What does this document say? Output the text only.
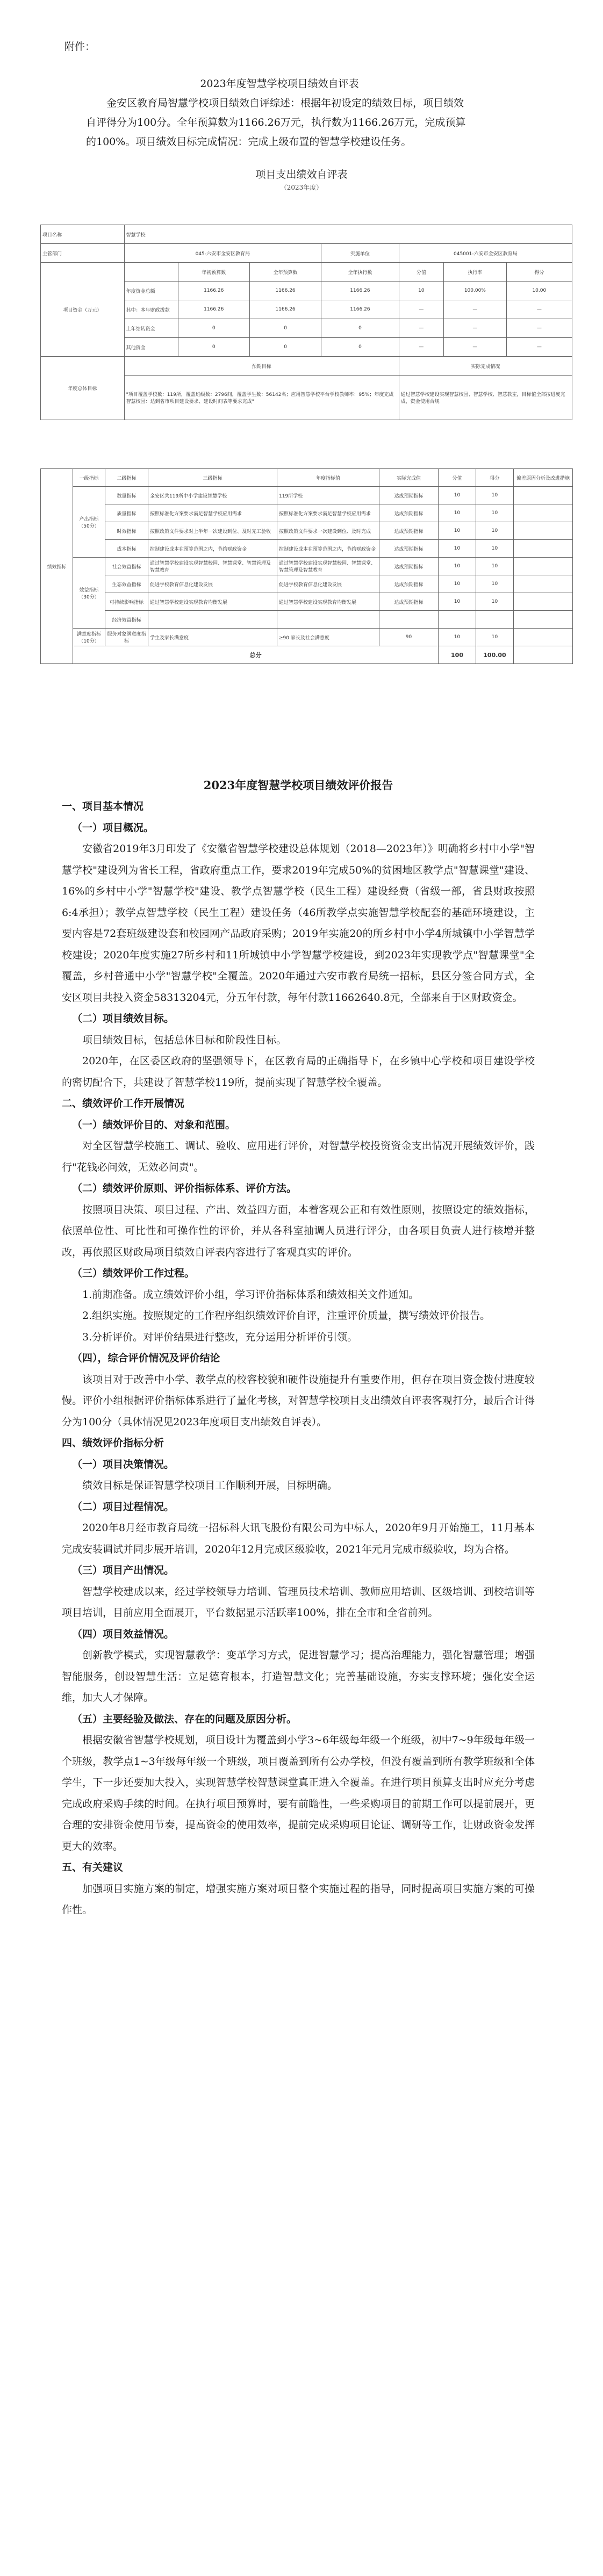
附件：
2023年度智慧学校项目绩效自评表

金安区教育局智慧学校项目绩效自评综述：根据年初设定的绩效目标，项目绩效自评得分为100分。全年预算数为1166.26万元，执行数为1166.26万元，完成预算的100%。项目绩效目标完成情况：完成上级布置的智慧学校建设任务。

项目支出绩效自评表
（2023年度）
项目名称	智慧学校						
主管部门	045-六安市金安区教育局			实施单位	045001-六安市金安区教育局		
项目资金（万元）		年初预算数	全年预算数	全年执行数	分值	执行率	得分
	年度资金总额	1166.26	1166.26	1166.26	10	100.00%	10.00
	其中：本年财政拨款	1166.26	1166.26	1166.26	—	—	—
	上年结转资金	0	0	0	—	—	—
	其他资金	0	0	0	—	—	—
年度总体目标	预期目标				实际完成情况		
	"项目覆盖学校数：119所，覆盖班级数：2796间，覆盖学生数：56142名；应用智慧学校平台学校教师率：95%；年度完成智慧校园：达到省市项目建设要求、建设时间表等要求完成"				通过智慧学校建设实现智慧校园、智慧学校、智慧教室，目标值全部按进度完成，资金使用合规		
绩效指标	一级指标	二级指标	三级指标	年度指标值	实际完成值	分值	得分	偏差原因分析及改进措施
	产出指标（50分）	数量指标	金安区共119所中小学建设智慧学校	119所学校	达成预期指标	10	10	
		质量指标	按照标准化方案要求满足智慧学校应用需求	按照标准化方案要求满足智慧学校应用需求	达成预期指标	10	10	
		时效指标	按照政策文件要求对上半年一次建设到位、及时完工验收	按照政策文件要求一次建设到位、及时完成	达成预期指标	10	10	
		成本指标	控制建设成本在预算范围之内，节约财政资金	控制建设成本在预算范围之内，节约财政资金	达成预期指标	10	10	
	效益指标（30分）	社会效益指标	通过智慧学校建设实现智慧校园、智慧课堂、智慧管理及智慧教育	通过智慧学校建设实现智慧校园、智慧课堂、智慧管理及智慧教育	达成预期指标	10	10	
		生态效益指标	促进学校教育信息化建设发展	促进学校教育信息化建设发展	达成预期指标	10	10	
		可持续影响指标	通过智慧学校建设实现教育均衡发展	通过智慧学校建设实现教育均衡发展	达成预期指标	10	10	
		经济效益指标						
	满意度指标（10分）	服务对象满意度指标	学生及家长满意度	≥90 家长及社会满意度	90	10	10	
	总分					100	100.00	
2023年度智慧学校项目绩效评价报告
一、项目基本情况
（一）项目概况。

安徽省2019年3月印发了《安徽省智慧学校建设总体规划（2018—2023年）》明确将乡村中小学"智慧学校"建设列为省长工程，省政府重点工作，要求2019年完成50%的贫困地区教学点"智慧课堂"建设、16%的乡村中小学"智慧学校"建设、教学点智慧学校（民生工程）建设经费（省级一部，省县财政按照6:4承担）；教学点智慧学校（民生工程）建设任务（46所教学点实施智慧学校配套的基础环境建设，主要内容是72套班级建设套和校园网产品政府采购；2019年实施20的所乡村中小学4所城镇中小学智慧学校建设；2020年度实施27所乡村和11所城镇中小学智慧学校建设，到2023年实现教学点"智慧课堂"全覆盖，乡村普通中小学"智慧学校"全覆盖。2020年通过六安市教育局统一招标，县区分签合同方式，全安区项目共投入资金58313204元，分五年付款，每年付款11662640.8元，全部来自于区财政资金。

（二）项目绩效目标。

项目绩效目标，包括总体目标和阶段性目标。

2020年，在区委区政府的坚强领导下，在区教育局的正确指导下，在乡镇中心学校和项目建设学校的密切配合下，共建设了智慧学校119所，提前实现了智慧学校全覆盖。

二、绩效评价工作开展情况
（一）绩效评价目的、对象和范围。

对全区智慧学校施工、调试、验收、应用进行评价，对智慧学校投资资金支出情况开展绩效评价，践行"花钱必问效，无效必问责"。

（二）绩效评价原则、评价指标体系、评价方法。

按照项目决策、项目过程、产出、效益四方面，本着客观公正和有效性原则，按照设定的绩效指标，依照单位性、可比性和可操作性的评价，并从各科室抽调人员进行评分，由各项目负责人进行核增并整改，再依照区财政局项目绩效自评表内容进行了客观真实的评价。

（三）绩效评价工作过程。

1.前期准备。成立绩效评价小组，学习评价指标体系和绩效相关文件通知。

2.组织实施。按照规定的工作程序组织绩效评价自评，注重评价质量，撰写绩效评价报告。

3.分析评价。对评价结果进行整改，充分运用分析评价引领。

（四），综合评价情况及评价结论

该项目对于改善中小学、教学点的校容校貌和硬件设施提升有重要作用，但存在项目资金拨付进度较慢。评价小组根据评价指标体系进行了量化考核，对智慧学校项目支出绩效自评表客观打分，最后合计得分为100分（具体情况见2023年度项目支出绩效自评表）。

四、绩效评价指标分析
（一）项目决策情况。

绩效目标是保证智慧学校项目工作顺利开展，目标明确。

（二）项目过程情况。

2020年8月经市教育局统一招标科大讯飞股份有限公司为中标人，2020年9月开始施工，11月基本完成安装调试并同步展开培训，2020年12月完成区级验收，2021年元月完成市级验收，均为合格。

（三）项目产出情况。

智慧学校建成以来，经过学校领导力培训、管理员技术培训、教师应用培训、区级培训、到校培训等项目培训，目前应用全面展开，平台数据显示活跃率100%，排在全市和全省前列。

（四）项目效益情况。

创新教学模式，实现智慧教学：变革学习方式，促进智慧学习；提高治理能力，强化智慧管理；增强智能服务，创设智慧生活：立足德育根本，打造智慧文化；完善基础设施，夯实支撑环境；强化安全运维，加大人才保障。

（五）主要经验及做法、存在的问题及原因分析。

根据安徽省智慧学校规划，项目设计为覆盖到小学3~6年级每年级一个班级，初中7~9年级每年级一个班级，教学点1~3年级每年级一个班级，项目覆盖到所有公办学校，但没有覆盖到所有教学班级和全体学生，下一步还要加大投入，实现智慧学校智慧课堂真正进入全覆盖。在进行项目预算支出时应充分考虑完成政府采购手续的时间。在执行项目预算时，要有前瞻性，一些采购项目的前期工作可以提前展开，更合理的安排资金使用节奏，提高资金的使用效率，提前完成采购项目论证、调研等工作，让财政资金发挥更大的效率。

五、有关建议

加强项目实施方案的制定，增强实施方案对项目整个实施过程的指导，同时提高项目实施方案的可操作性。
